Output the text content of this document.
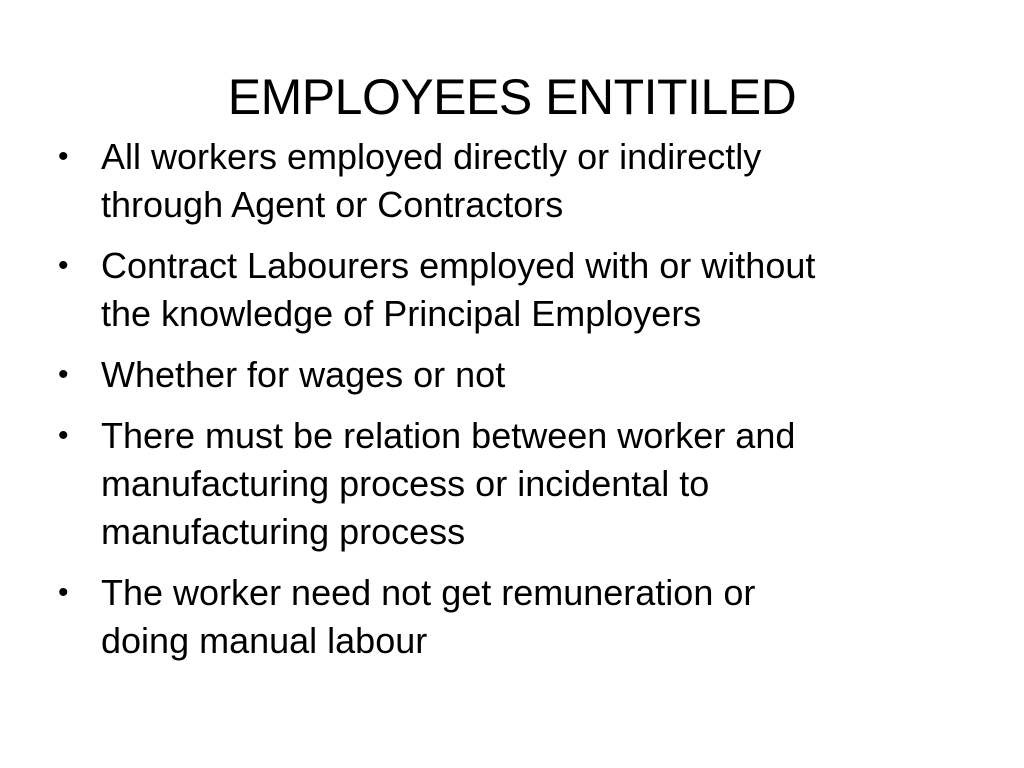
EMPLOYEES ENTITILED
• All workers employed directly or indirectly
through Agent or Contractors
• Contract Labourers employed with or without
the knowledge of Principal Employers
• Whether for wages or not
• There must be relation between worker and
manufacturing process or incidental to
manufacturing process
• The worker need not get remuneration or
doing manual labour
